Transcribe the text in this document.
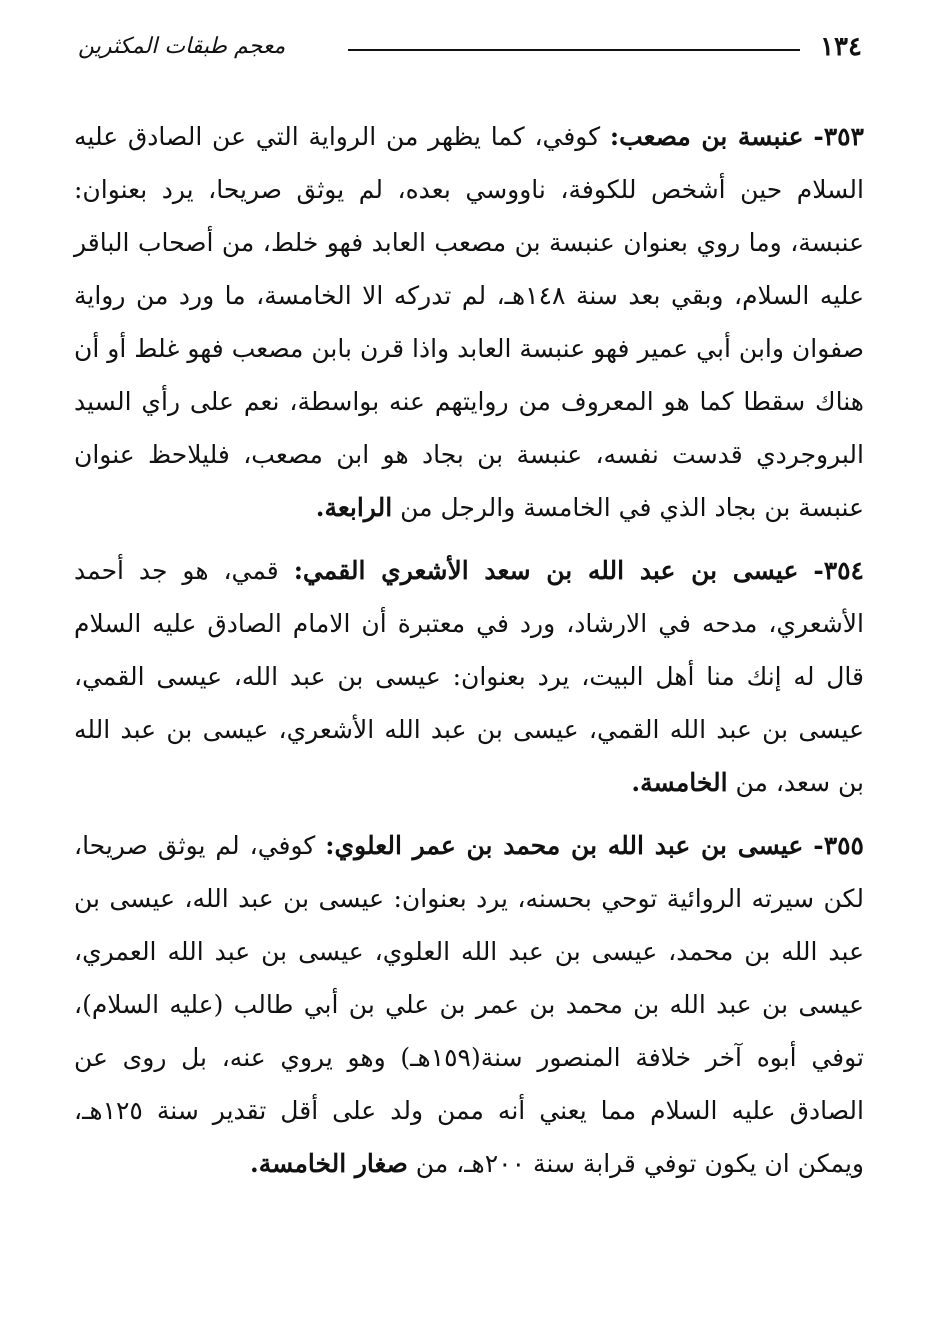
١٣٤
معجم طبقات المكثرين

٣٥٣- عنبسة بن مصعب: كوفي، كما يظهر من الرواية التي عن الصادق عليه السلام حين أشخص للكوفة، ناووسي بعده، لم يوثق صريحا، يرد بعنوان: عنبسة، وما روي بعنوان عنبسة بن مصعب العابد فهو خلط، من أصحاب الباقر عليه السلام، وبقي بعد سنة ١٤٨هـ، لم تدركه الا الخامسة، ما ورد من رواية صفوان وابن أبي عمير فهو عنبسة العابد واذا قرن بابن مصعب فهو غلط أو أن هناك سقطا كما هو المعروف من روايتهم عنه بواسطة، نعم على رأي السيد البروجردي قدست نفسه، عنبسة بن بجاد هو ابن مصعب، فليلاحظ عنوان عنبسة بن بجاد الذي في الخامسة والرجل من الرابعة.

٣٥٤- عيسى بن عبد الله بن سعد الأشعري القمي: قمي، هو جد أحمد الأشعري، مدحه في الارشاد، ورد في معتبرة أن الامام الصادق عليه السلام قال له إنك منا أهل البيت، يرد بعنوان: عيسى بن عبد الله، عيسى القمي، عيسى بن عبد الله القمي، عيسى بن عبد الله الأشعري، عيسى بن عبد الله بن سعد، من الخامسة.

٣٥٥- عيسى بن عبد الله بن محمد بن عمر العلوي: كوفي، لم يوثق صريحا، لكن سيرته الروائية توحي بحسنه، يرد بعنوان: عيسى بن عبد الله، عيسى بن عبد الله بن محمد، عيسى بن عبد الله العلوي، عيسى بن عبد الله العمري، عيسى بن عبد الله بن محمد بن عمر بن علي بن أبي طالب (عليه السلام)، توفي أبوه آخر خلافة المنصور سنة(١٥٩هـ) وهو يروي عنه، بل روى عن الصادق عليه السلام مما يعني أنه ممن ولد على أقل تقدير سنة ١٢٥هـ، ويمكن ان يكون توفي قرابة سنة ٢٠٠هـ، من صغار الخامسة.
